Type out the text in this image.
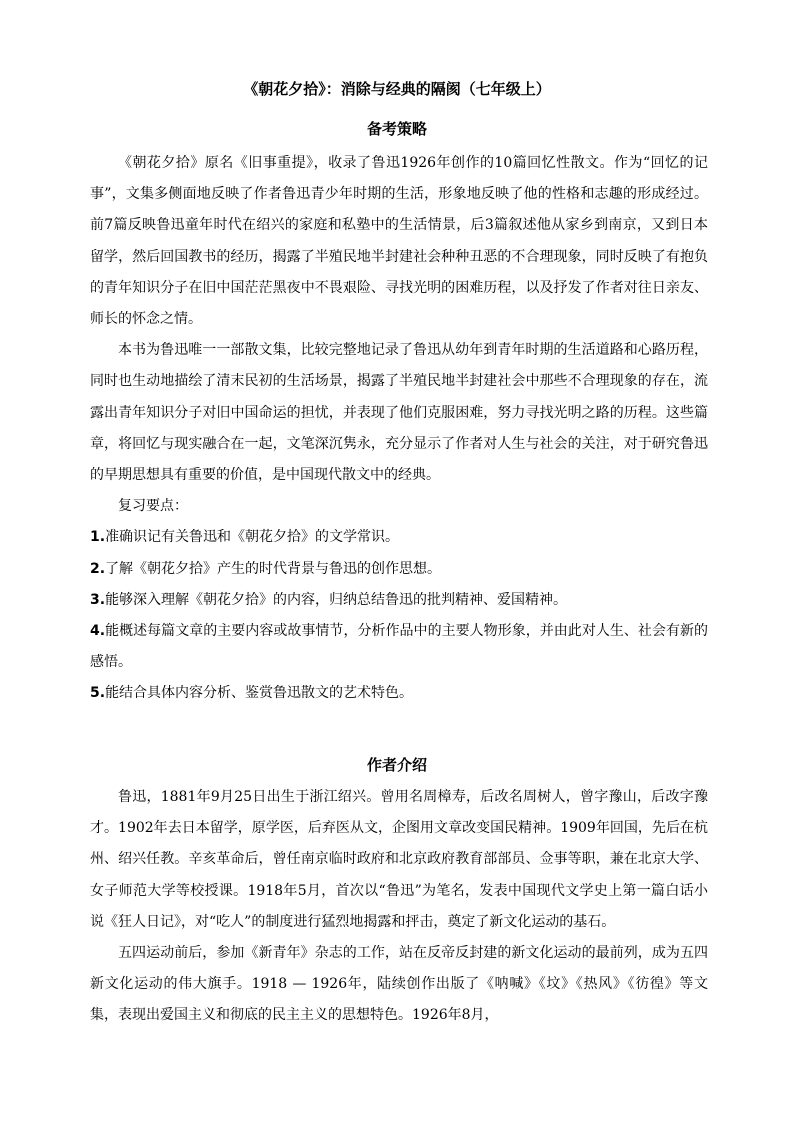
《朝花夕拾》：消除与经典的隔阂（七年级上）
备考策略

《朝花夕拾》原名《旧事重提》，收录了鲁迅1926年创作的10篇回忆性散文。作为“回忆的记事”，文集多侧面地反映了作者鲁迅青少年时期的生活，形象地反映了他的性格和志趣的形成经过。前7篇反映鲁迅童年时代在绍兴的家庭和私塾中的生活情景，后3篇叙述他从家乡到南京，又到日本留学，然后回国教书的经历，揭露了半殖民地半封建社会种种丑恶的不合理现象，同时反映了有抱负的青年知识分子在旧中国茫茫黑夜中不畏艰险、寻找光明的困难历程，以及抒发了作者对往日亲友、师长的怀念之情。

本书为鲁迅唯一一部散文集，比较完整地记录了鲁迅从幼年到青年时期的生活道路和心路历程，同时也生动地描绘了清末民初的生活场景，揭露了半殖民地半封建社会中那些不合理现象的存在，流露出青年知识分子对旧中国命运的担忧，并表现了他们克服困难，努力寻找光明之路的历程。这些篇章，将回忆与现实融合在一起，文笔深沉隽永，充分显示了作者对人生与社会的关注，对于研究鲁迅的早期思想具有重要的价值，是中国现代散文中的经典。

复习要点：

1.准确识记有关鲁迅和《朝花夕拾》的文学常识。

2.了解《朝花夕拾》产生的时代背景与鲁迅的创作思想。

3.能够深入理解《朝花夕拾》的内容，归纳总结鲁迅的批判精神、爱国精神。

4.能概述每篇文章的主要内容或故事情节，分析作品中的主要人物形象，并由此对人生、社会有新的感悟。

5.能结合具体内容分析、鉴赏鲁迅散文的艺术特色。

作者介绍

鲁迅，1881年9月25日出生于浙江绍兴。曾用名周樟寿，后改名周树人，曾字豫山，后改字豫才。1902年去日本留学，原学医，后弃医从文，企图用文章改变国民精神。1909年回国，先后在杭州、绍兴任教。辛亥革命后，曾任南京临时政府和北京政府教育部部员、佥事等职，兼在北京大学、女子师范大学等校授课。1918年5月，首次以“鲁迅”为笔名，发表中国现代文学史上第一篇白话小说《狂人日记》，对“吃人”的制度进行猛烈地揭露和抨击，奠定了新文化运动的基石。

五四运动前后，参加《新青年》杂志的工作，站在反帝反封建的新文化运动的最前列，成为五四新文化运动的伟大旗手。1918 — 1926年，陆续创作出版了《呐喊》《坟》《热风》《彷徨》等文集，表现出爱国主义和彻底的民主主义的思想特色。1926年8月，
